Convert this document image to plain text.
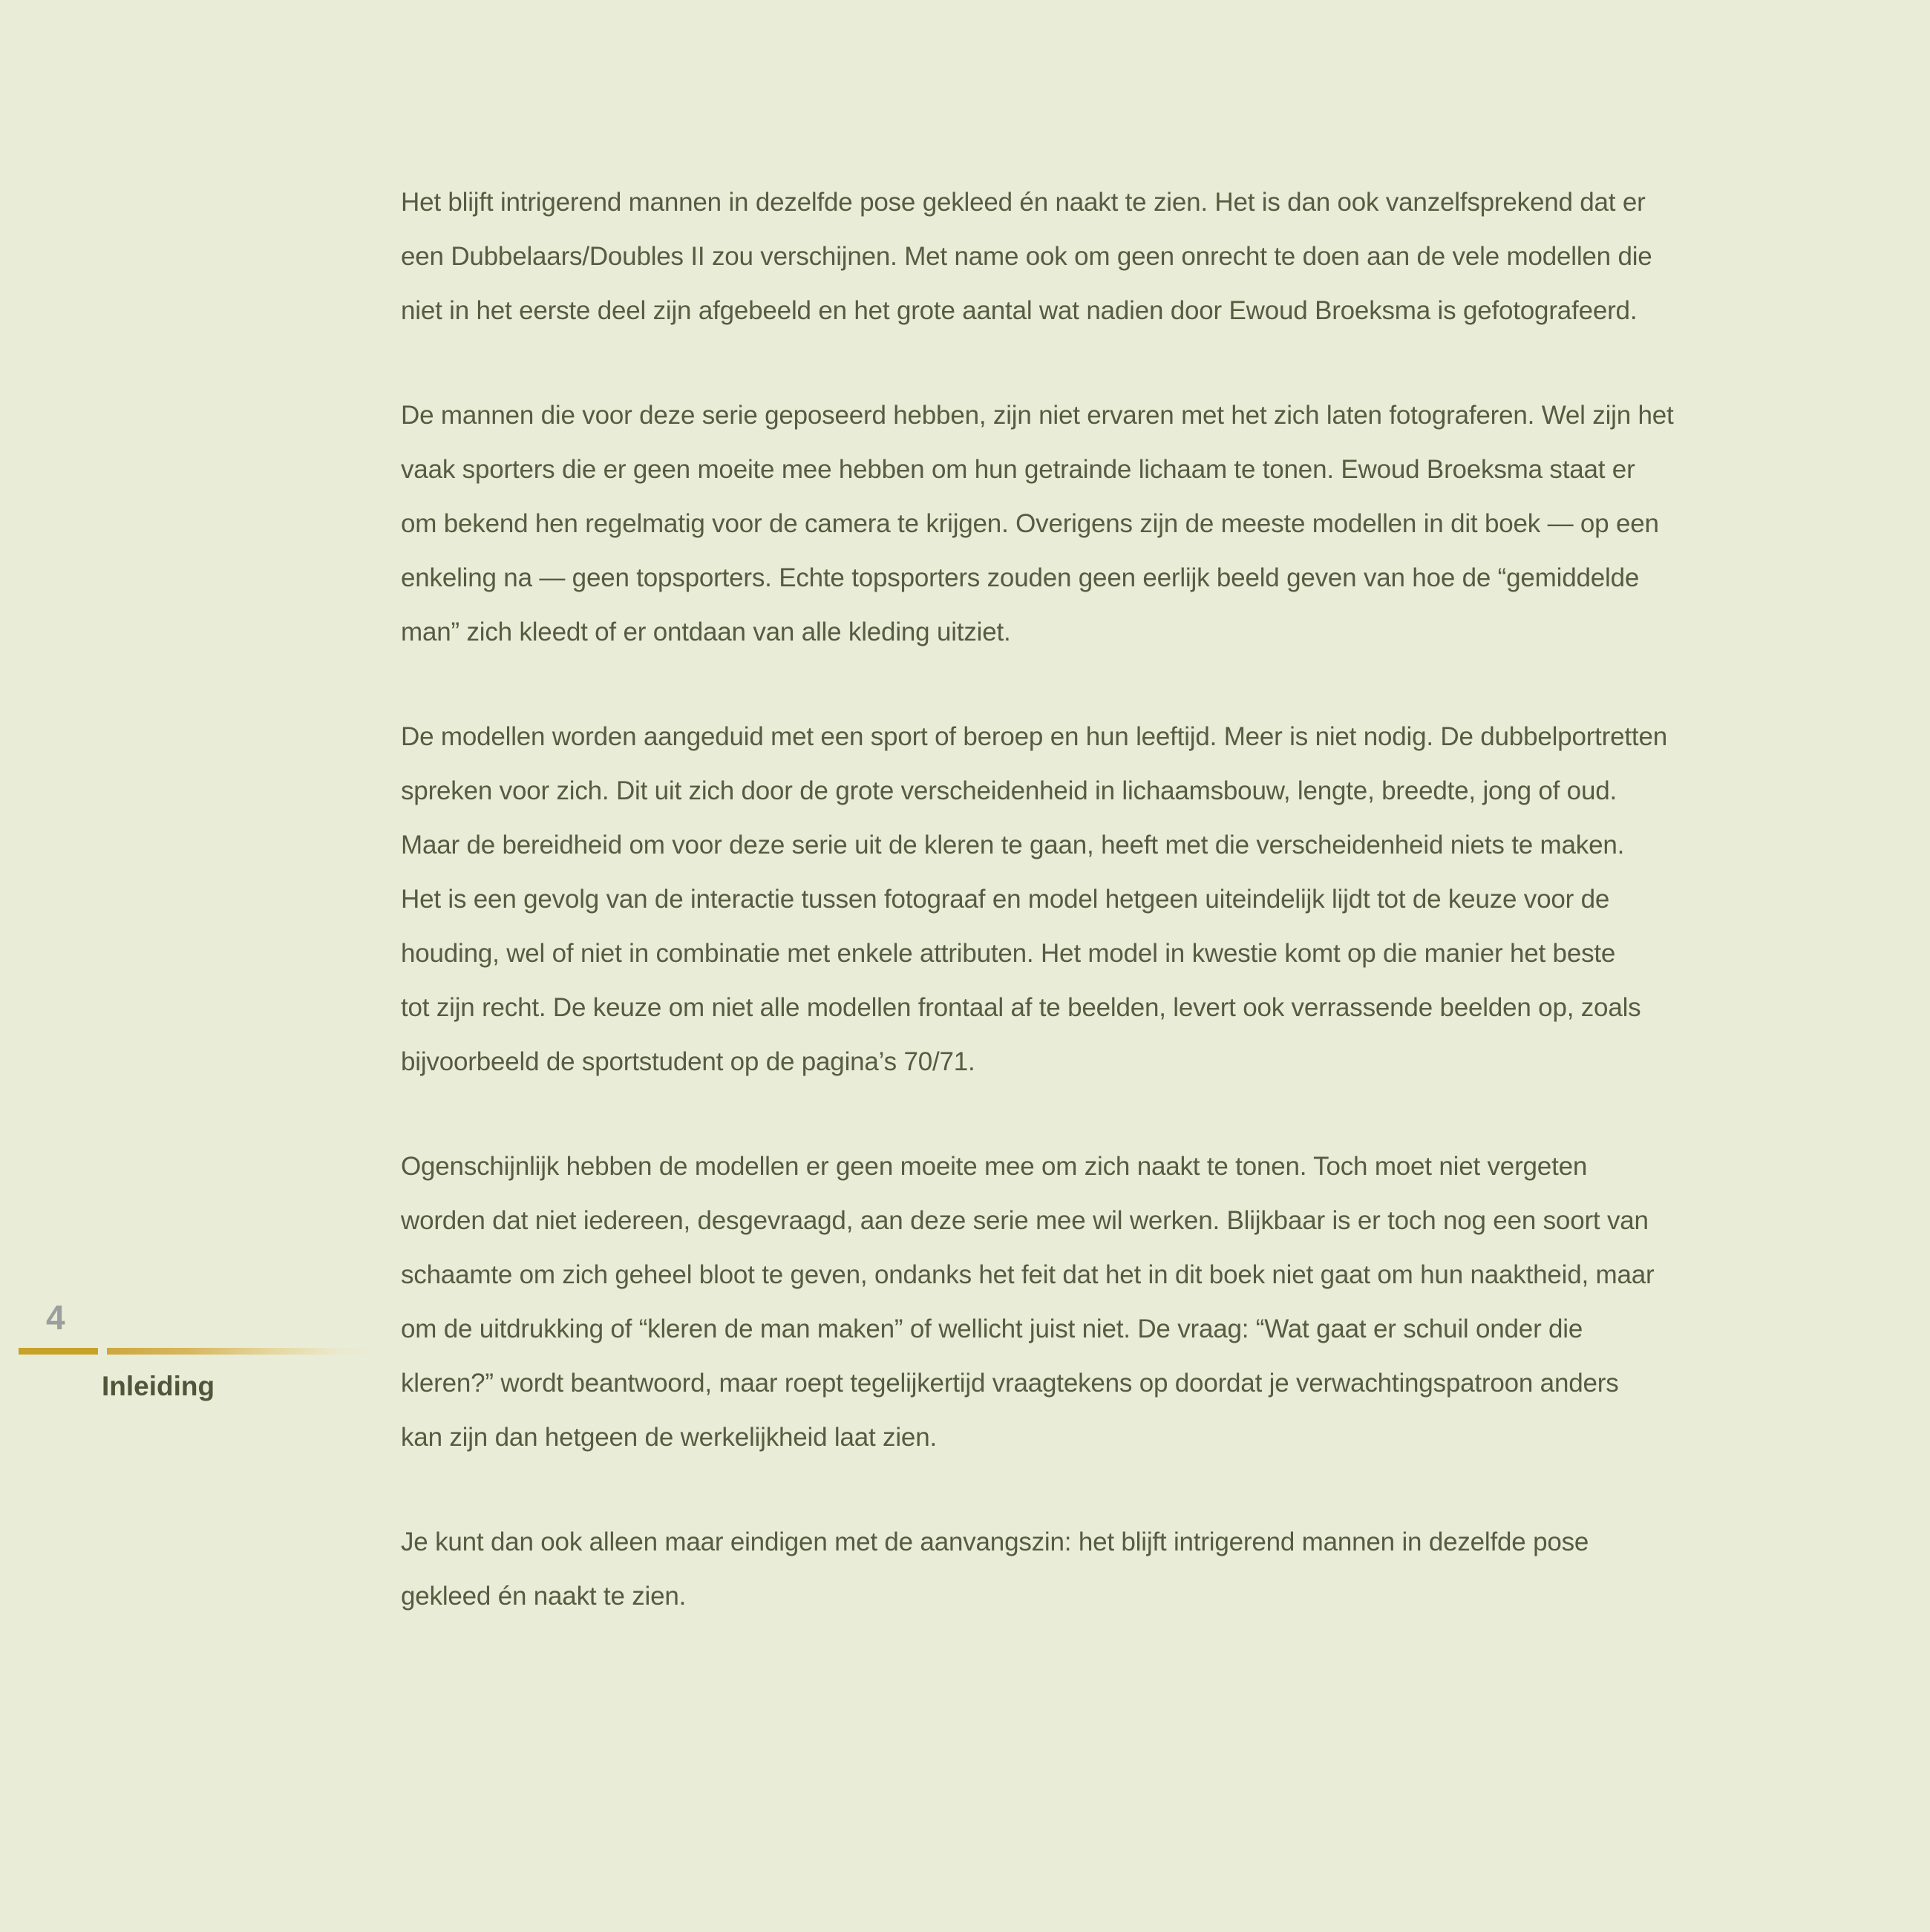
4
Inleiding
Het blijft intrigerend mannen in dezelfde pose gekleed én naakt te zien. Het is dan ook vanzelfsprekend dat er
een Dubbelaars/Doubles II zou verschijnen. Met name ook om geen onrecht te doen aan de vele modellen die
niet in het eerste deel zijn afgebeeld en het grote aantal wat nadien door Ewoud Broeksma is gefotografeerd.
De mannen die voor deze serie geposeerd hebben, zijn niet ervaren met het zich laten fotograferen. Wel zijn het
vaak sporters die er geen moeite mee hebben om hun getrainde lichaam te tonen. Ewoud Broeksma staat er
om bekend hen regelmatig voor de camera te krijgen. Overigens zijn de meeste modellen in dit boek — op een
enkeling na — geen topsporters. Echte topsporters zouden geen eerlijk beeld geven van hoe de “gemiddelde
man” zich kleedt of er ontdaan van alle kleding uitziet.
De modellen worden aangeduid met een sport of beroep en hun leeftijd. Meer is niet nodig. De dubbelportretten
spreken voor zich. Dit uit zich door de grote verscheidenheid in lichaamsbouw, lengte, breedte, jong of oud.
Maar de bereidheid om voor deze serie uit de kleren te gaan, heeft met die verscheidenheid niets te maken.
Het is een gevolg van de interactie tussen fotograaf en model hetgeen uiteindelijk lijdt tot de keuze voor de
houding, wel of niet in combinatie met enkele attributen. Het model in kwestie komt op die manier het beste
tot zijn recht. De keuze om niet alle modellen frontaal af te beelden, levert ook verrassende beelden op, zoals
bijvoorbeeld de sportstudent op de pagina’s 70/71.
Ogenschijnlijk hebben de modellen er geen moeite mee om zich naakt te tonen. Toch moet niet vergeten
worden dat niet iedereen, desgevraagd, aan deze serie mee wil werken. Blijkbaar is er toch nog een soort van
schaamte om zich geheel bloot te geven, ondanks het feit dat het in dit boek niet gaat om hun naaktheid, maar
om de uitdrukking of “kleren de man maken” of wellicht juist niet. De vraag: “Wat gaat er schuil onder die
kleren?” wordt beantwoord, maar roept tegelijkertijd vraagtekens op doordat je verwachtingspatroon anders
kan zijn dan hetgeen de werkelijkheid laat zien.
Je kunt dan ook alleen maar eindigen met de aanvangszin: het blijft intrigerend mannen in dezelfde pose
gekleed én naakt te zien.
